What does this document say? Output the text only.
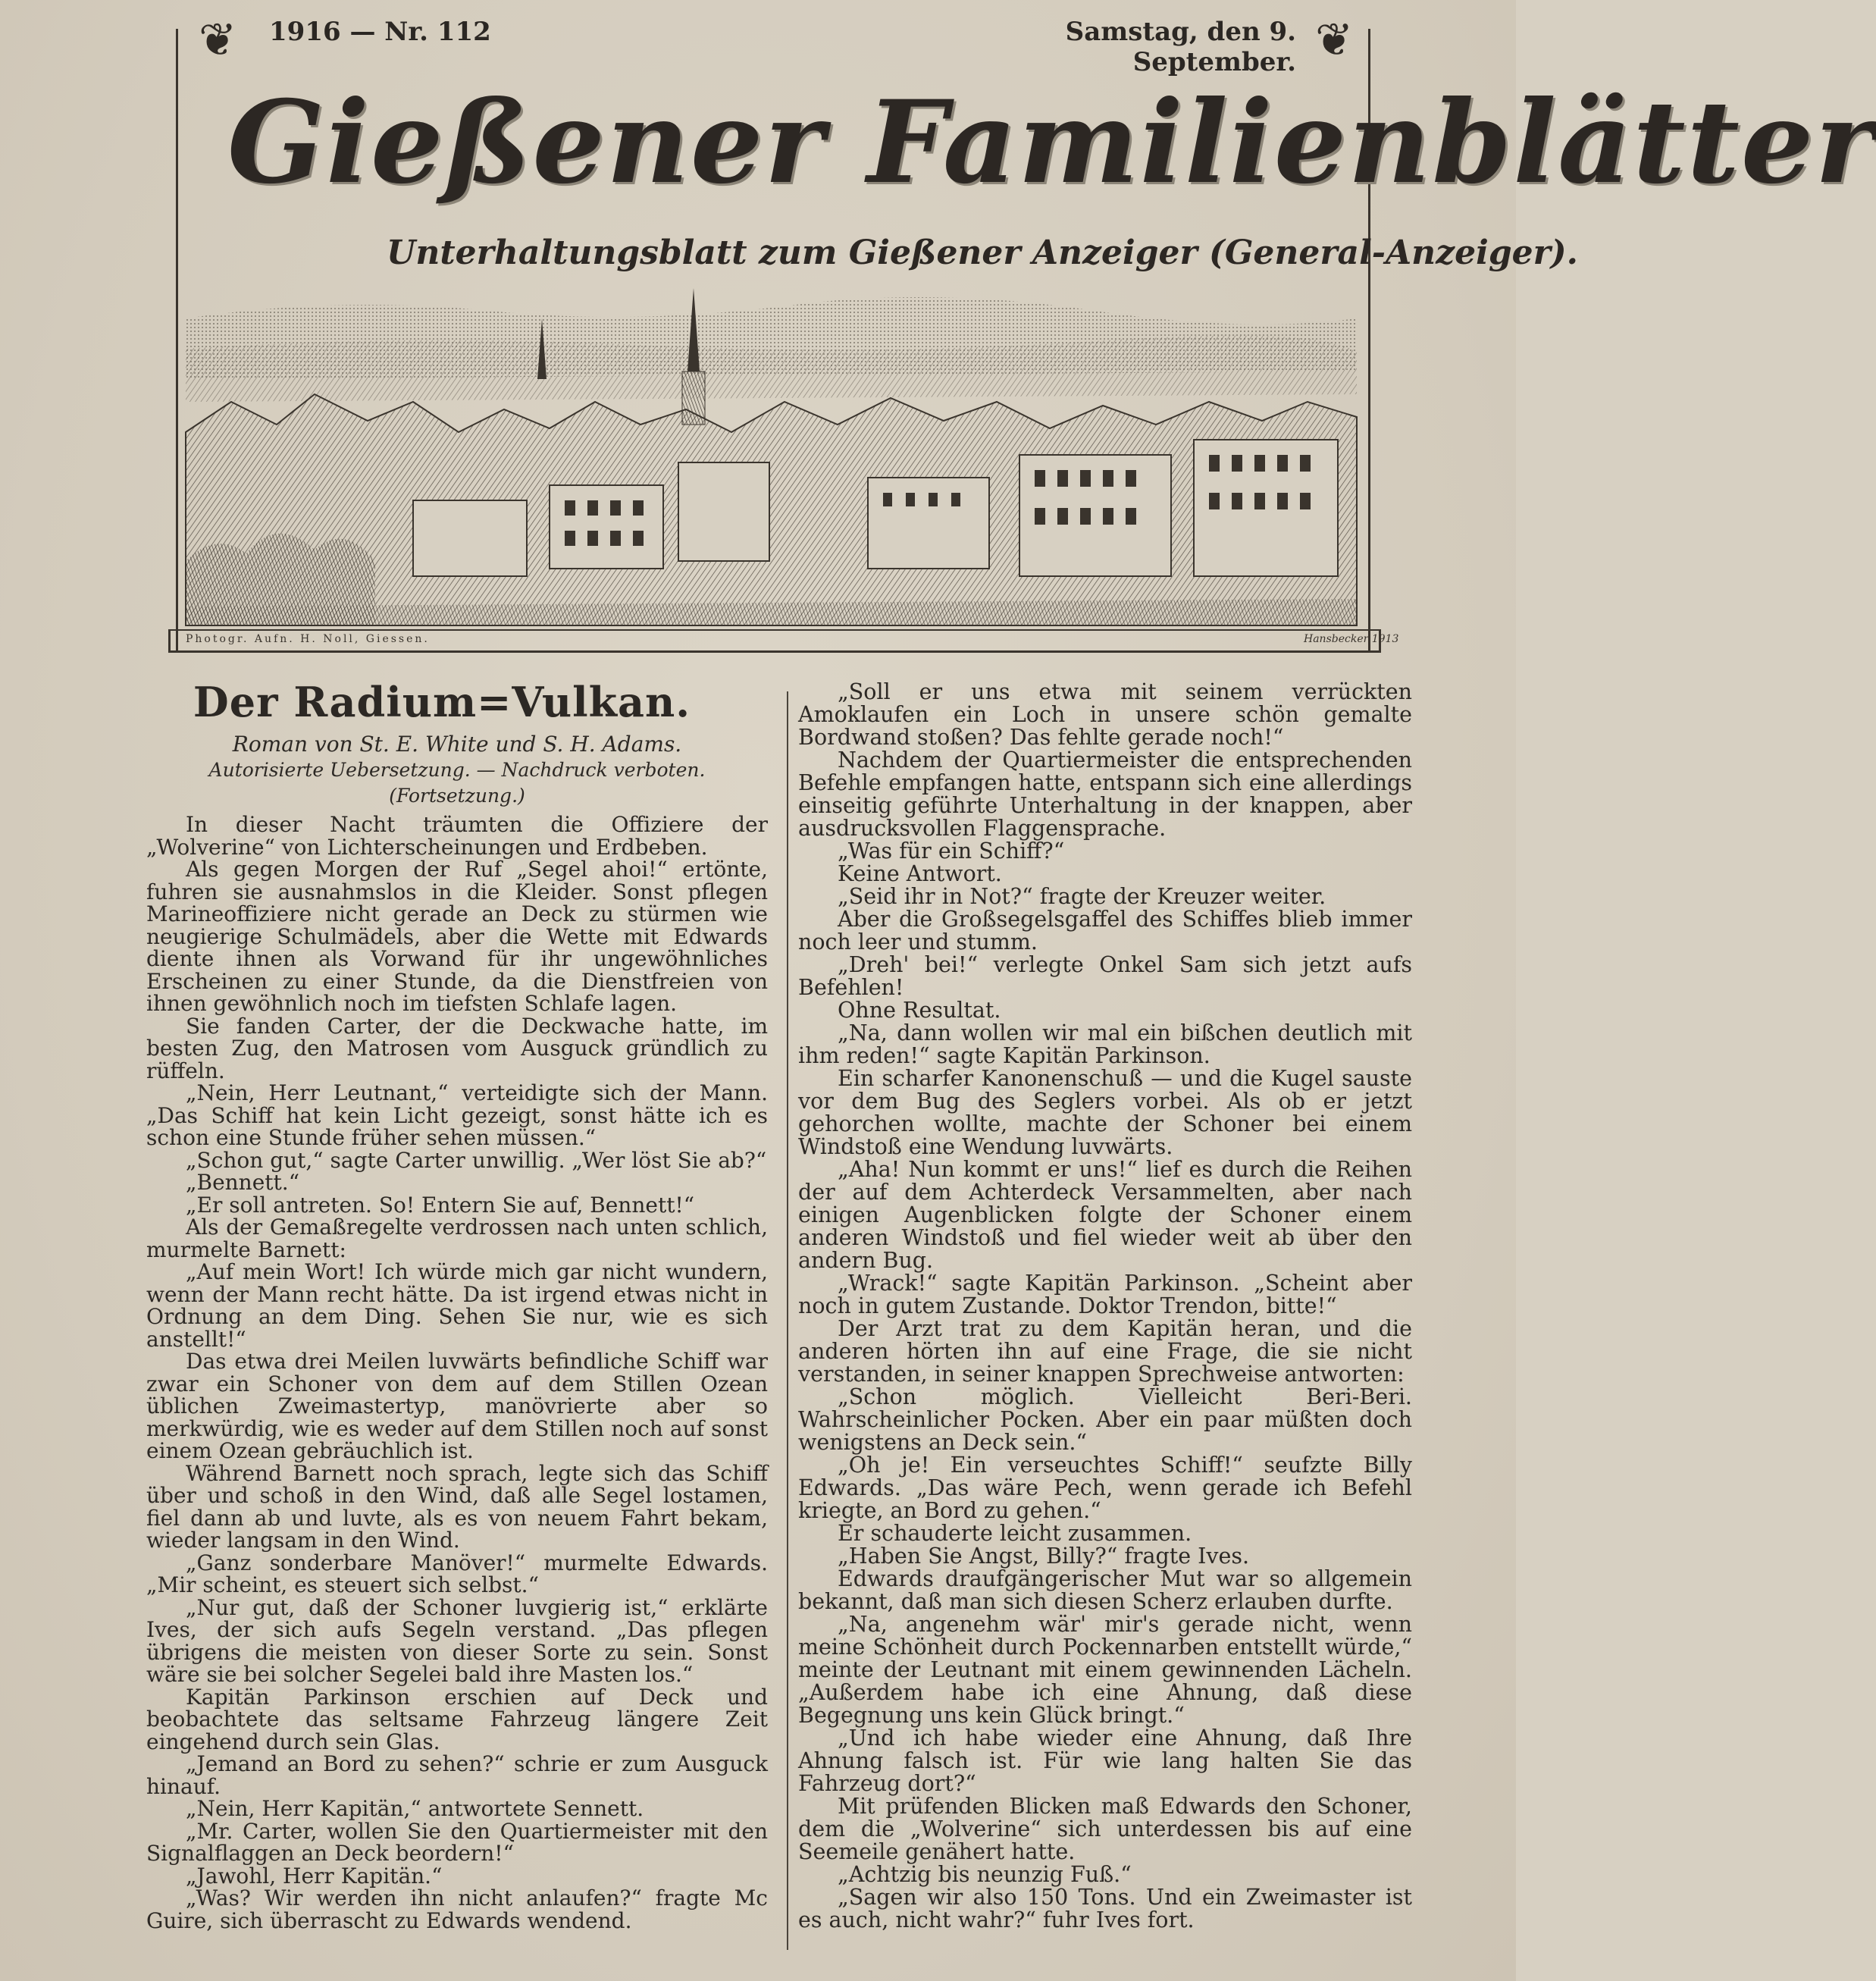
1916 — Nr. 112	Samstag, den 9. September.
❦	❦
Gießener Familienblätter
Unterhaltungsblatt zum Gießener Anzeiger (General-Anzeiger).
Photogr. Aufn. H. Noll, Giessen.	Hansbecker 1913
Der Radium=Vulkan.
Roman von St. E. White und S. H. Adams.
Autorisierte Uebersetzung. — Nachdruck verboten.
(Fortsetzung.)

In dieser Nacht träumten die Offiziere der „Wolverine“ von Lichterscheinungen und Erdbeben.

Als gegen Morgen der Ruf „Segel ahoi!“ ertönte, fuhren sie ausnahmslos in die Kleider. Sonst pflegen Marineoffiziere nicht gerade an Deck zu stürmen wie neugierige Schulmädels, aber die Wette mit Edwards diente ihnen als Vorwand für ihr ungewöhnliches Erscheinen zu einer Stunde, da die Dienstfreien von ihnen gewöhnlich noch im tiefsten Schlafe lagen.

Sie fanden Carter, der die Deckwache hatte, im besten Zug, den Matrosen vom Ausguck gründlich zu rüffeln.

„Nein, Herr Leutnant,“ verteidigte sich der Mann. „Das Schiff hat kein Licht gezeigt, sonst hätte ich es schon eine Stunde früher sehen müssen.“

„Schon gut,“ sagte Carter unwillig. „Wer löst Sie ab?“

„Bennett.“

„Er soll antreten. So! Entern Sie auf, Bennett!“

Als der Gemaßregelte verdrossen nach unten schlich, murmelte Barnett:

„Auf mein Wort! Ich würde mich gar nicht wundern, wenn der Mann recht hätte. Da ist irgend etwas nicht in Ordnung an dem Ding. Sehen Sie nur, wie es sich anstellt!“

Das etwa drei Meilen luvwärts befindliche Schiff war zwar ein Schoner von dem auf dem Stillen Ozean üblichen Zweimastertyp, manövrierte aber so merkwürdig, wie es weder auf dem Stillen noch auf sonst einem Ozean gebräuchlich ist.

Während Barnett noch sprach, legte sich das Schiff über und schoß in den Wind, daß alle Segel lostamen, fiel dann ab und luvte, als es von neuem Fahrt bekam, wieder langsam in den Wind.

„Ganz sonderbare Manöver!“ murmelte Edwards. „Mir scheint, es steuert sich selbst.“

„Nur gut, daß der Schoner luvgierig ist,“ erklärte Ives, der sich aufs Segeln verstand. „Das pflegen übrigens die meisten von dieser Sorte zu sein. Sonst wäre sie bei solcher Segelei bald ihre Masten los.“

Kapitän Parkinson erschien auf Deck und beobachtete das seltsame Fahrzeug längere Zeit eingehend durch sein Glas.

„Jemand an Bord zu sehen?“ schrie er zum Ausguck hinauf.

„Nein, Herr Kapitän,“ antwortete Sennett.

„Mr. Carter, wollen Sie den Quartiermeister mit den Signalflaggen an Deck beordern!“

„Jawohl, Herr Kapitän.“

„Was? Wir werden ihn nicht anlaufen?“ fragte Mc Guire, sich überrascht zu Edwards wendend.

„Soll er uns etwa mit seinem verrückten Amoklaufen ein Loch in unsere schön gemalte Bordwand stoßen? Das fehlte gerade noch!“

Nachdem der Quartiermeister die entsprechenden Befehle empfangen hatte, entspann sich eine allerdings einseitig geführte Unterhaltung in der knappen, aber ausdrucksvollen Flaggensprache.

„Was für ein Schiff?“

Keine Antwort.

„Seid ihr in Not?“ fragte der Kreuzer weiter.

Aber die Großsegelsgaffel des Schiffes blieb immer noch leer und stumm.

„Dreh' bei!“ verlegte Onkel Sam sich jetzt aufs Befehlen!

Ohne Resultat.

„Na, dann wollen wir mal ein bißchen deutlich mit ihm reden!“ sagte Kapitän Parkinson.

Ein scharfer Kanonenschuß — und die Kugel sauste vor dem Bug des Seglers vorbei. Als ob er jetzt gehorchen wollte, machte der Schoner bei einem Windstoß eine Wendung luvwärts.

„Aha! Nun kommt er uns!“ lief es durch die Reihen der auf dem Achterdeck Versammelten, aber nach einigen Augenblicken folgte der Schoner einem anderen Windstoß und fiel wieder weit ab über den andern Bug.

„Wrack!“ sagte Kapitän Parkinson. „Scheint aber noch in gutem Zustande. Doktor Trendon, bitte!“

Der Arzt trat zu dem Kapitän heran, und die anderen hörten ihn auf eine Frage, die sie nicht verstanden, in seiner knappen Sprechweise antworten:

„Schon möglich. Vielleicht Beri-Beri. Wahrscheinlicher Pocken. Aber ein paar müßten doch wenigstens an Deck sein.“

„Oh je! Ein verseuchtes Schiff!“ seufzte Billy Edwards. „Das wäre Pech, wenn gerade ich Befehl kriegte, an Bord zu gehen.“

Er schauderte leicht zusammen.

„Haben Sie Angst, Billy?“ fragte Ives.

Edwards draufgängerischer Mut war so allgemein bekannt, daß man sich diesen Scherz erlauben durfte.

„Na, angenehm wär' mir's gerade nicht, wenn meine Schönheit durch Pockennarben entstellt würde,“ meinte der Leutnant mit einem gewinnenden Lächeln. „Außerdem habe ich eine Ahnung, daß diese Begegnung uns kein Glück bringt.“

„Und ich habe wieder eine Ahnung, daß Ihre Ahnung falsch ist. Für wie lang halten Sie das Fahrzeug dort?“

Mit prüfenden Blicken maß Edwards den Schoner, dem die „Wolverine“ sich unterdessen bis auf eine Seemeile genähert hatte.

„Achtzig bis neunzig Fuß.“

„Sagen wir also 150 Tons. Und ein Zweimaster ist es auch, nicht wahr?“ fuhr Ives fort.
